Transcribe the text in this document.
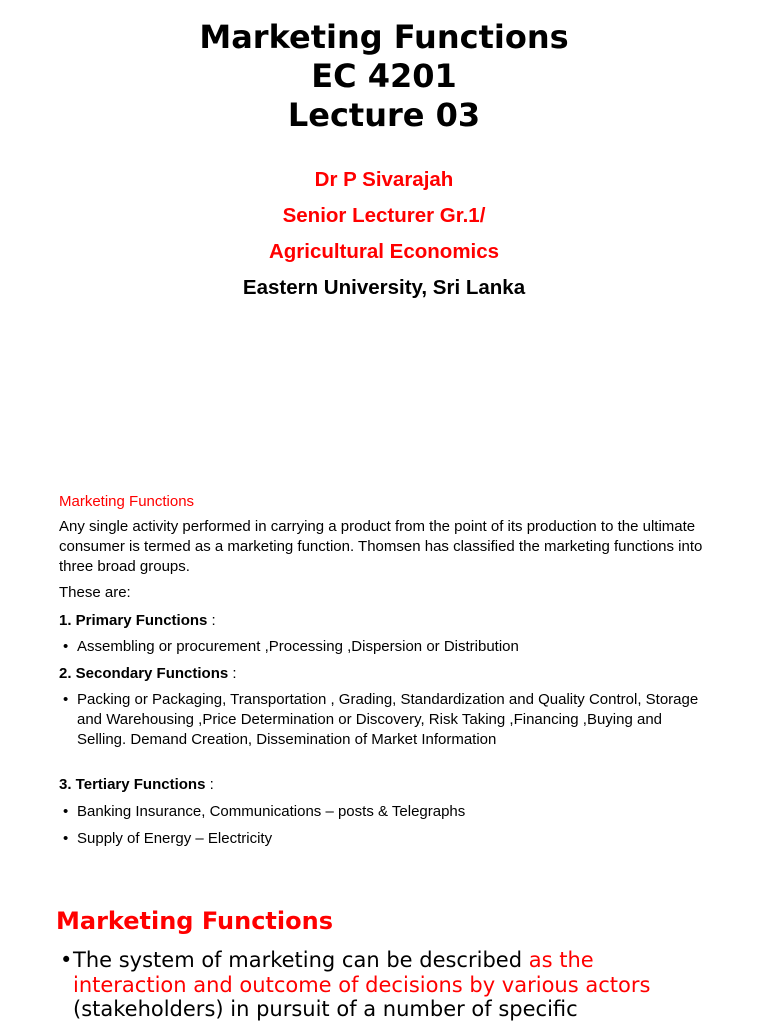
Marketing Functions
EC 4201
Lecture 03
Dr P Sivarajah
Senior Lecturer Gr.1/
Agricultural Economics
Eastern University, Sri Lanka
Marketing Functions
Any single activity performed in carrying a product from the point of its production to the ultimate consumer is termed as a marketing function. Thomsen has classified the marketing functions into three broad groups.
These are:
1. Primary Functions :
• Assembling or procurement ,Processing ,Dispersion or Distribution
2. Secondary Functions :
• Packing or Packaging, Transportation , Grading, Standardization and Quality Control, Storage and Warehousing ,Price Determination or Discovery, Risk Taking ,Financing ,Buying and Selling. Demand Creation, Dissemination of Market Information
3. Tertiary Functions :
• Banking Insurance, Communications – posts & Telegraphs
• Supply of Energy – Electricity
Marketing Functions
• The system of marketing can be described as the interaction and outcome of decisions by various actors (stakeholders) in pursuit of a number of specific
